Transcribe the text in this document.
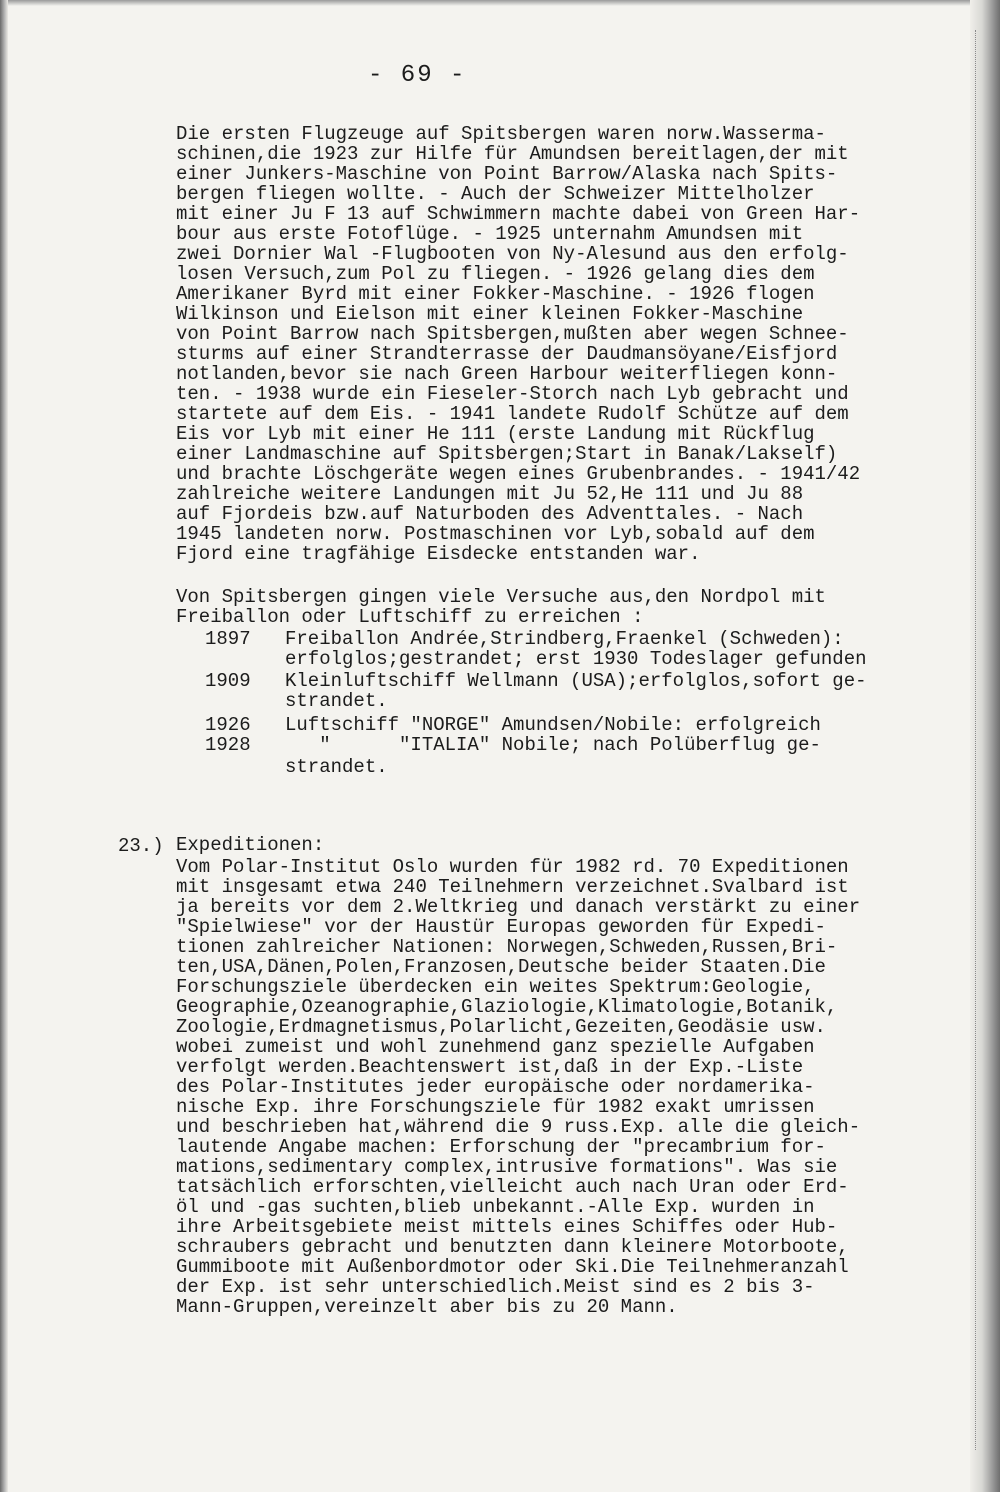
- 69 -
Die ersten Flugzeuge auf Spitsbergen waren norw.Wasserma-
schinen,die 1923 zur Hilfe für Amundsen bereitlagen,der mit
einer Junkers-Maschine von Point Barrow/Alaska nach Spits-
bergen fliegen wollte. - Auch der Schweizer Mittelholzer
mit einer Ju F 13 auf Schwimmern machte dabei von Green Har-
bour aus erste Fotoflüge. - 1925 unternahm Amundsen mit
zwei Dornier Wal -Flugbooten von Ny-Alesund aus den erfolg-
losen Versuch,zum Pol zu fliegen. - 1926 gelang dies dem
Amerikaner Byrd mit einer Fokker-Maschine. - 1926 flogen
Wilkinson und Eielson mit einer kleinen Fokker-Maschine
von Point Barrow nach Spitsbergen,mußten aber wegen Schnee-
sturms auf einer Strandterrasse der Daudmansöyane/Eisfjord
notlanden,bevor sie nach Green Harbour weiterfliegen konn-
ten. - 1938 wurde ein Fieseler-Storch nach Lyb gebracht und
startete auf dem Eis. - 1941 landete Rudolf Schütze auf dem
Eis vor Lyb mit einer He 111 (erste Landung mit Rückflug
einer Landmaschine auf Spitsbergen;Start in Banak/Lakself)
und brachte Löschgeräte wegen eines Grubenbrandes. - 1941/42
zahlreiche weitere Landungen mit Ju 52,He 111 und Ju 88
auf Fjordeis bzw.auf Naturboden des Adventtales. - Nach
1945 landeten norw. Postmaschinen vor Lyb,sobald auf dem
Fjord eine tragfähige Eisdecke entstanden war.
Von Spitsbergen gingen viele Versuche aus,den Nordpol mit
Freiballon oder Luftschiff zu erreichen :
1897 Freiballon Andrée,Strindberg,Fraenkel (Schweden):
erfolglos;gestrandet; erst 1930 Todeslager gefunden
1909 Kleinluftschiff Wellmann (USA);erfolglos,sofort ge-
strandet.
1926 Luftschiff "NORGE" Amundsen/Nobile: erfolgreich
1928 "      "ITALIA" Nobile; nach Polüberflug ge-
strandet.
23.) Expeditionen:
Vom Polar-Institut Oslo wurden für 1982 rd. 70 Expeditionen
mit insgesamt etwa 240 Teilnehmern verzeichnet.Svalbard ist
ja bereits vor dem 2.Weltkrieg und danach verstärkt zu einer
"Spielwiese" vor der Haustür Europas geworden für Expedi-
tionen zahlreicher Nationen: Norwegen,Schweden,Russen,Bri-
ten,USA,Dänen,Polen,Franzosen,Deutsche beider Staaten.Die
Forschungsziele überdecken ein weites Spektrum:Geologie,
Geographie,Ozeanographie,Glaziologie,Klimatologie,Botanik,
Zoologie,Erdmagnetismus,Polarlicht,Gezeiten,Geodäsie usw.
wobei zumeist und wohl zunehmend ganz spezielle Aufgaben
verfolgt werden.Beachtenswert ist,daß in der Exp.-Liste
des Polar-Institutes jeder europäische oder nordamerika-
nische Exp. ihre Forschungsziele für 1982 exakt umrissen
und beschrieben hat,während die 9 russ.Exp. alle die gleich-
lautende Angabe machen: Erforschung der "precambrium for-
mations,sedimentary complex,intrusive formations". Was sie
tatsächlich erforschten,vielleicht auch nach Uran oder Erd-
öl und -gas suchten,blieb unbekannt.-Alle Exp. wurden in
ihre Arbeitsgebiete meist mittels eines Schiffes oder Hub-
schraubers gebracht und benutzten dann kleinere Motorboote,
Gummiboote mit Außenbordmotor oder Ski.Die Teilnehmeranzahl
der Exp. ist sehr unterschiedlich.Meist sind es 2 bis 3-
Mann-Gruppen,vereinzelt aber bis zu 20 Mann.
